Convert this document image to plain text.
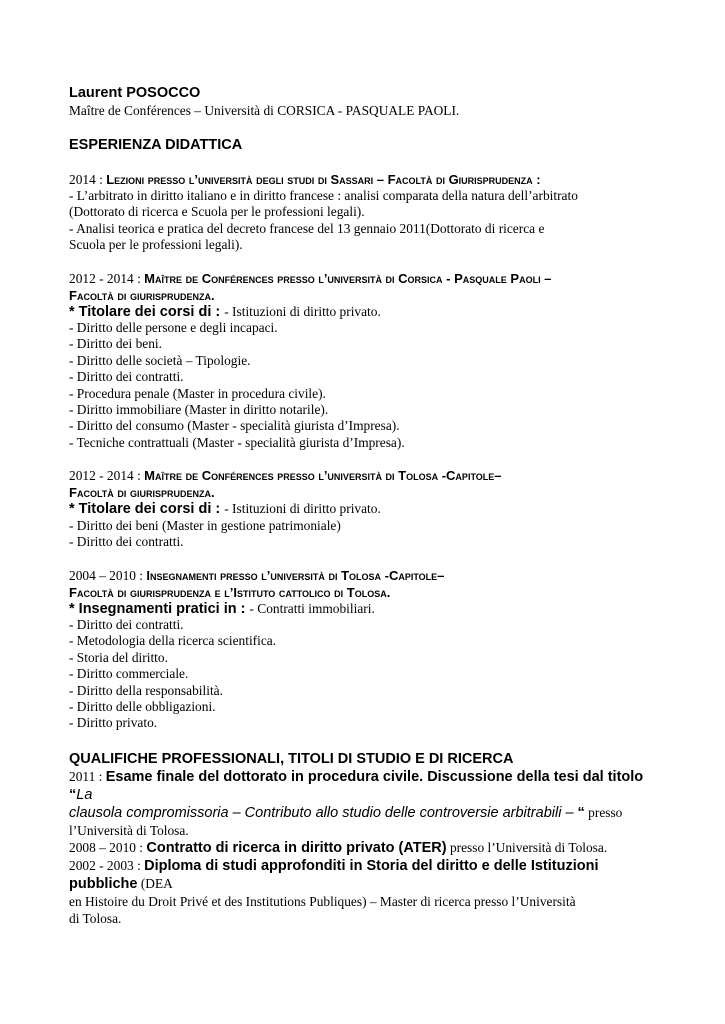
Laurent POSOCCO
Maître de Conférences – Università di CORSICA - PASQUALE PAOLI.
ESPERIENZA DIDATTICA
2014 : Lezioni presso l’università degli studi di Sassari – Facoltà di Giurisprudenza :
- L’arbitrato in diritto italiano e in diritto francese : analisi comparata della natura dell’arbitrato
(Dottorato di ricerca e Scuola per le professioni legali).
- Analisi teorica e pratica del decreto francese del 13 gennaio 2011(Dottorato di ricerca e
Scuola per le professioni legali).
2012 - 2014 : Maître de Conférences presso l’università di Corsica - Pasquale Paoli –
Facoltà di giurisprudenza.
* Titolare dei corsi di : - Istituzioni di diritto privato.
- Diritto delle persone e degli incapaci.
- Diritto dei beni.
- Diritto delle società – Tipologie.
- Diritto dei contratti.
- Procedura penale (Master in procedura civile).
- Diritto immobiliare (Master in diritto notarile).
- Diritto del consumo (Master - specialità giurista d’Impresa).
- Tecniche contrattuali (Master - specialità giurista d’Impresa).
2012 - 2014 : Maître de Conférences presso l’università di Tolosa -Capitole–
Facoltà di giurisprudenza.
* Titolare dei corsi di : - Istituzioni di diritto privato.
- Diritto dei beni (Master in gestione patrimoniale)
- Diritto dei contratti.
2004 – 2010 : Insegnamenti presso l’università di Tolosa -Capitole–
Facoltà di giurisprudenza e l’Istituto cattolico di Tolosa.
* Insegnamenti pratici in : - Contratti immobiliari.
- Diritto dei contratti.
- Metodologia della ricerca scientifica.
- Storia del diritto.
- Diritto commerciale.
- Diritto della responsabilità.
- Diritto delle obbligazioni.
- Diritto privato.
QUALIFICHE PROFESSIONALI, TITOLI DI STUDIO E DI RICERCA
2011 : Esame finale del dottorato in procedura civile. Discussione della tesi dal titolo “La
clausola compromissoria – Contributo allo studio delle controversie arbitrabili – “ presso
l’Università di Tolosa.
2008 – 2010 : Contratto di ricerca in diritto privato (ATER) presso l’Università di Tolosa.
2002 - 2003 : Diploma di studi approfonditi in Storia del diritto e delle Istituzioni pubbliche (DEA
en Histoire du Droit Privé et des Institutions Publiques) – Master di ricerca presso l’Università
di Tolosa.
